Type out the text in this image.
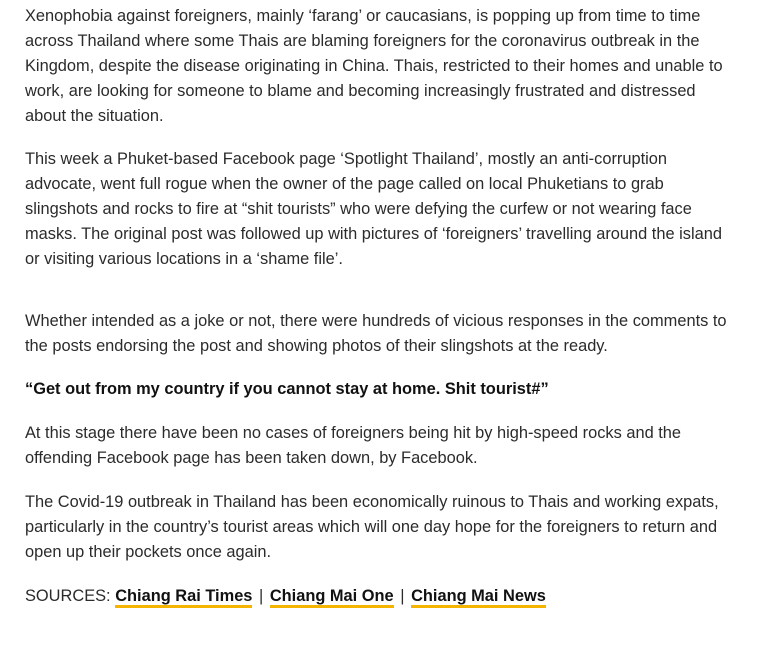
Xenophobia against foreigners, mainly ‘farang’ or caucasians, is popping up from time to time across Thailand where some Thais are blaming foreigners for the coronavirus outbreak in the Kingdom, despite the disease originating in China. Thais, restricted to their homes and unable to work, are looking for someone to blame and becoming increasingly frustrated and distressed about the situation.

This week a Phuket-based Facebook page ‘Spotlight Thailand’, mostly an anti-corruption advocate, went full rogue when the owner of the page called on local Phuketians to grab slingshots and rocks to fire at “shit tourists” who were defying the curfew or not wearing face masks. The original post was followed up with pictures of ‘foreigners’ travelling around the island or visiting various locations in a ‘shame file’.

Whether intended as a joke or not, there were hundreds of vicious responses in the comments to the posts endorsing the post and showing photos of their slingshots at the ready.

“Get out from my country if you cannot stay at home. Shit tourist#”

At this stage there have been no cases of foreigners being hit by high-speed rocks and the offending Facebook page has been taken down, by Facebook.

The Covid-19 outbreak in Thailand has been economically ruinous to Thais and working expats, particularly in the country’s tourist areas which will one day hope for the foreigners to return and open up their pockets once again.

SOURCES: Chiang Rai Times | Chiang Mai One | Chiang Mai News
